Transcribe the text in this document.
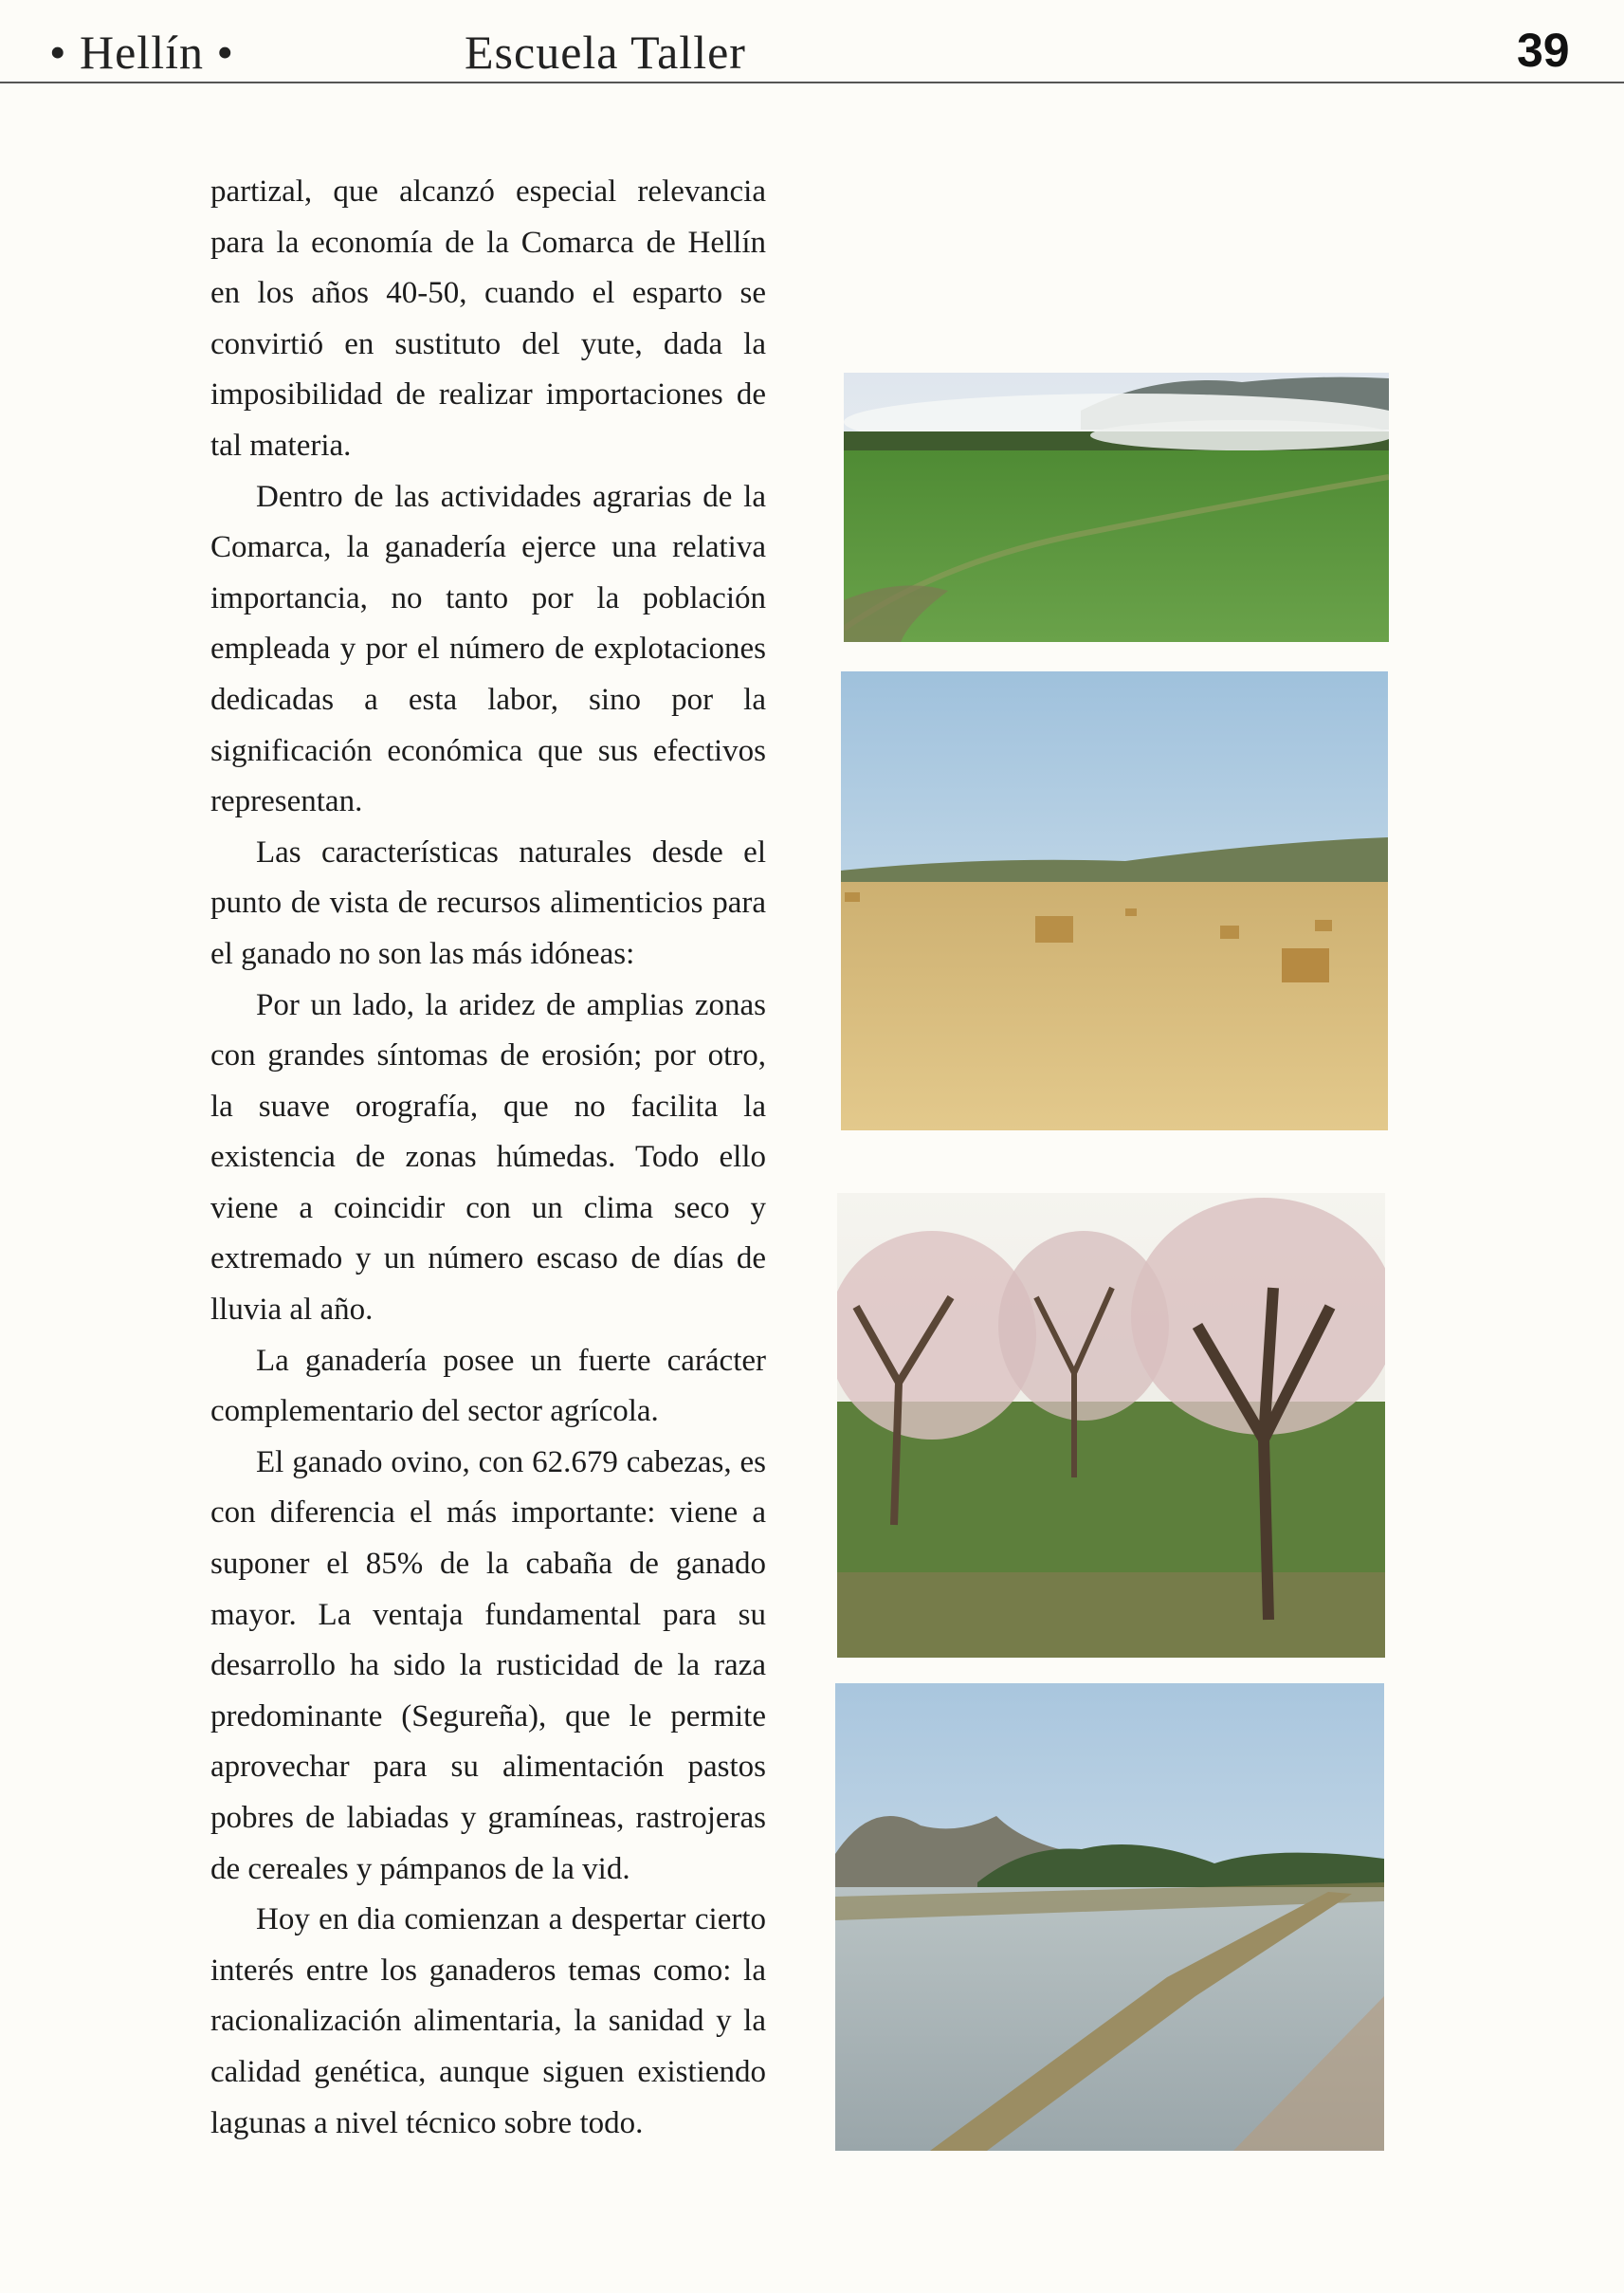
• Hellín •	Escuela Taller	39

partizal, que alcanzó especial relevancia para la economía de la Comarca de Hellín en los años 40-50, cuando el esparto se convirtió en sustituto del yute, dada la imposibilidad de realizar importaciones de tal materia.

Dentro de las actividades agrarias de la Comarca, la ganadería ejerce una relativa importancia, no tanto por la población empleada y por el número de explotaciones dedicadas a esta labor, sino por la significación económica que sus efectivos representan.

Las características naturales desde el punto de vista de recursos alimenticios para el ganado no son las más idóneas:

Por un lado, la aridez de amplias zonas con grandes síntomas de erosión; por otro, la suave orografía, que no facilita la existencia de zonas húmedas. Todo ello viene a coincidir con un clima seco y extremado y un número escaso de días de lluvia al año.

La ganadería posee un fuerte carácter complementario del sector agrícola.

El ganado ovino, con 62.679 cabezas, es con diferencia el más importante: viene a suponer el 85% de la cabaña de ganado mayor. La ventaja fundamental para su desarrollo ha sido la rusticidad de la raza predominante (Segureña), que le permite aprovechar para su alimentación pastos pobres de labiadas y gramíneas, rastrojeras de cereales y pámpanos de la vid.

Hoy en dia comienzan a despertar cierto interés entre los ganaderos temas como: la racionalización alimentaria, la sanidad y la calidad genética, aunque siguen existiendo lagunas a nivel técnico sobre todo.
